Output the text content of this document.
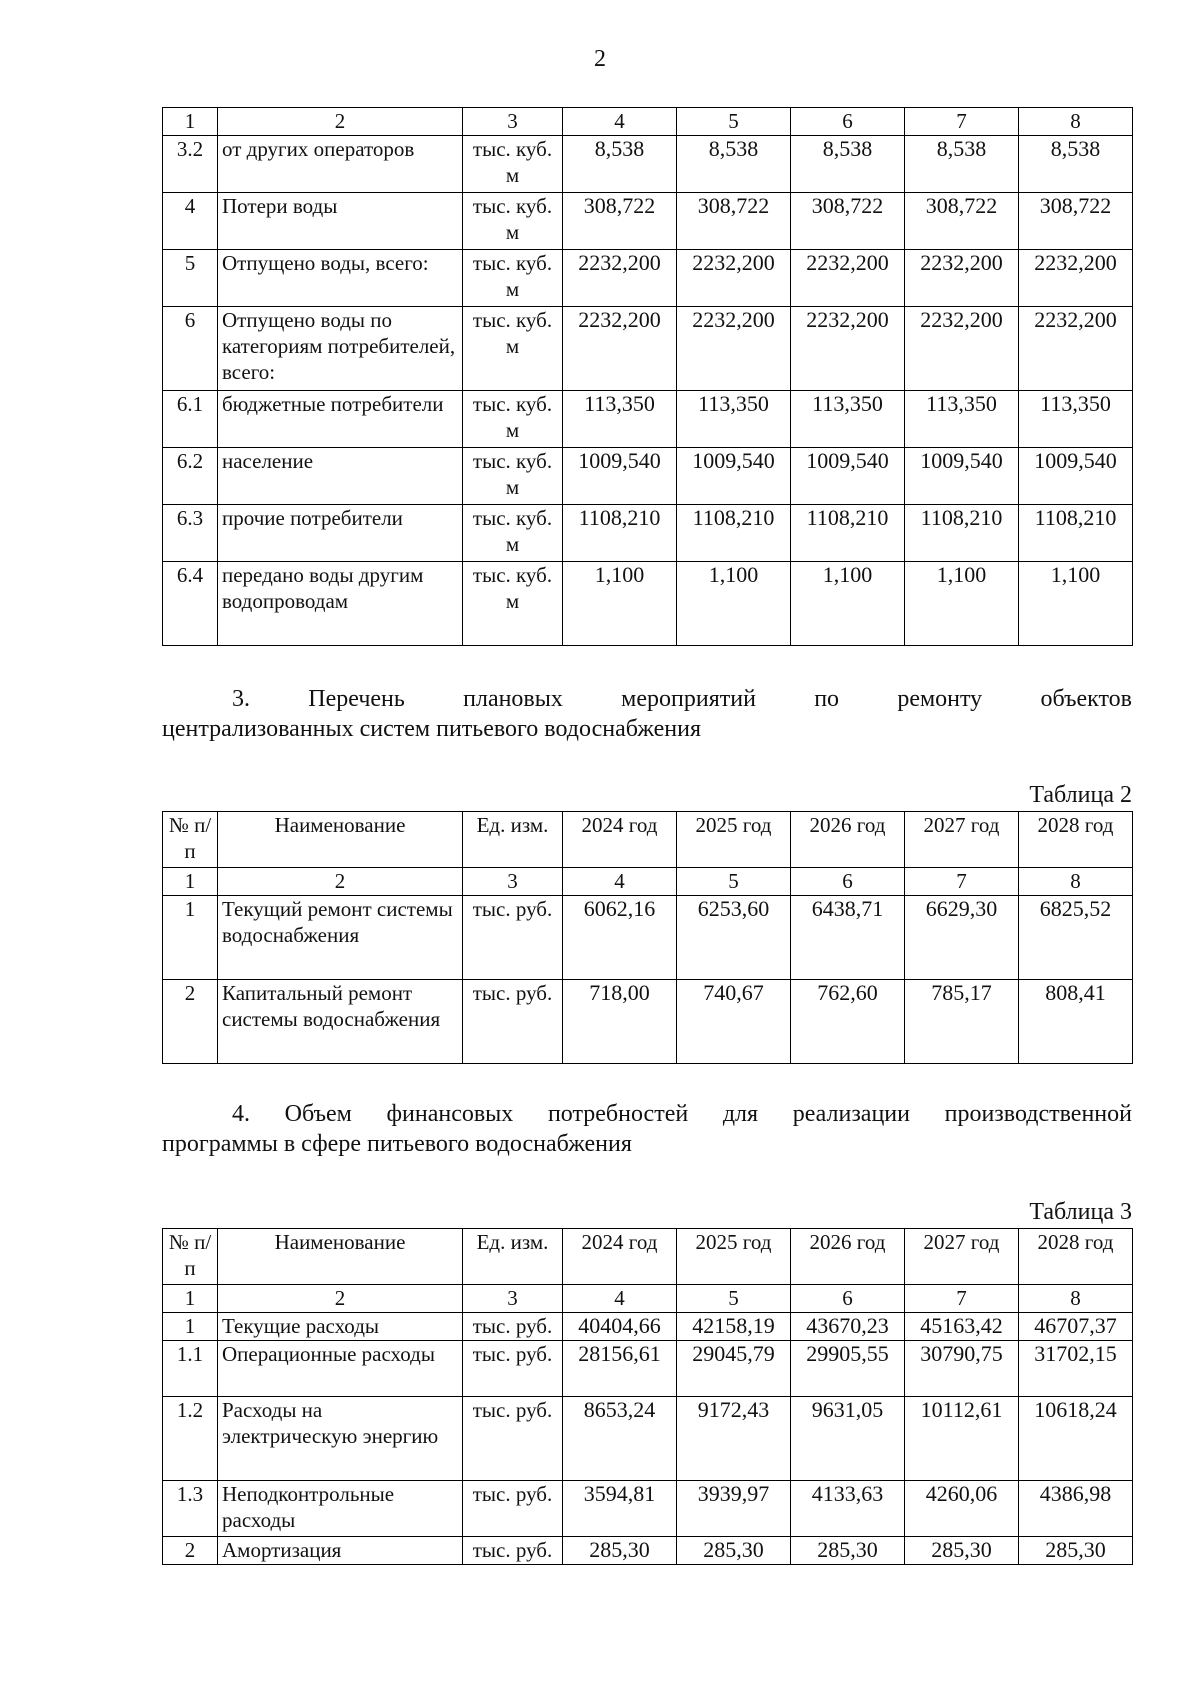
2
1	2	3	4	5	6	7	8
3.2	от других операторов	тыс. куб. м	8,538	8,538	8,538	8,538	8,538
4	Потери воды	тыс. куб. м	308,722	308,722	308,722	308,722	308,722
5	Отпущено воды, всего:	тыс. куб. м	2232,200	2232,200	2232,200	2232,200	2232,200
6	Отпущено воды по категориям потребителей, всего:	тыс. куб. м	2232,200	2232,200	2232,200	2232,200	2232,200
6.1	бюджетные потребители	тыс. куб. м	113,350	113,350	113,350	113,350	113,350
6.2	население	тыс. куб. м	1009,540	1009,540	1009,540	1009,540	1009,540
6.3	прочие потребители	тыс. куб. м	1108,210	1108,210	1108,210	1108,210	1108,210
6.4	передано воды другим водопроводам	тыс. куб. м	1,100	1,100	1,100	1,100	1,100
3. Перечень плановых мероприятий по ремонту объектов
централизованных систем питьевого водоснабжения
Таблица 2
№ п/п	Наименование	Ед. изм.	2024 год	2025 год	2026 год	2027 год	2028 год
1	2	3	4	5	6	7	8
1	Текущий ремонт системы водоснабжения	тыс. руб.	6062,16	6253,60	6438,71	6629,30	6825,52
2	Капитальный ремонт системы водоснабжения	тыс. руб.	718,00	740,67	762,60	785,17	808,41
4. Объем финансовых потребностей для реализации производственной
программы в сфере питьевого водоснабжения
Таблица 3
№ п/п	Наименование	Ед. изм.	2024 год	2025 год	2026 год	2027 год	2028 год
1	2	3	4	5	6	7	8
1	Текущие расходы	тыс. руб.	40404,66	42158,19	43670,23	45163,42	46707,37
1.1	Операционные расходы	тыс. руб.	28156,61	29045,79	29905,55	30790,75	31702,15
1.2	Расходы на электрическую энергию	тыс. руб.	8653,24	9172,43	9631,05	10112,61	10618,24
1.3	Неподконтрольные расходы	тыс. руб.	3594,81	3939,97	4133,63	4260,06	4386,98
2	Амортизация	тыс. руб.	285,30	285,30	285,30	285,30	285,30
